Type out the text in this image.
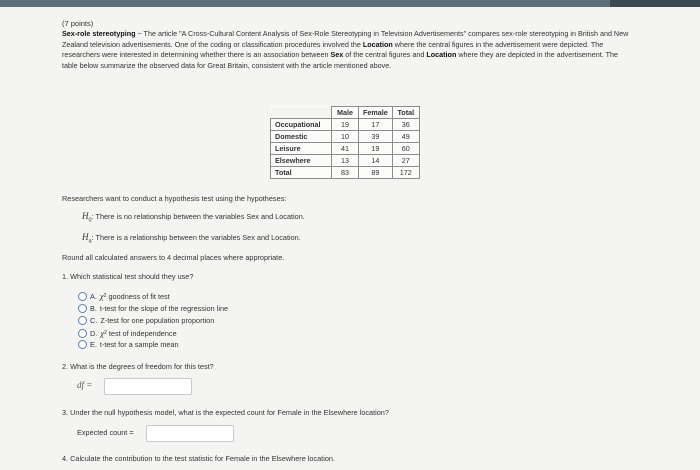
(7 points)
Sex-role stereotyping ~ The article "A Cross-Cultural Content Analysis of Sex-Role Stereotyping in Television Advertisements" compares sex-role stereotyping in British and New Zealand television advertisements. One of the coding or classification procedures involved the Location where the central figures in the advertisement were depicted. The researchers were interested in determining whether there is an association between Sex of the central figures and Location where they are depicted in the advertisement. The table below summarize the observed data for Great Britain, consistent with the article mentioned above.
	Male	Female	Total
Occupational	19	17	36
Domestic	10	39	49
Leisure	41	19	60
Elsewhere	13	14	27
Total	83	89	172
Researchers want to conduct a hypothesis test using the hypotheses:
$H_0$: There is no relationship between the variables Sex and Location.
$H_a$: There is a relationship between the variables Sex and Location.
Round all calculated answers to 4 decimal places where appropriate.
1. Which statistical test should they use?
A. χ 2 goodness of fit test
B. t-test for the slope of the regression line
C. Z-test for one population proportion
D. χ 2 test of independence
E. t-test for a sample mean
2. What is the degrees of freedom for this test?
df =
3. Under the null hypothesis model, what is the expected count for Female in the Elsewhere location?
Expected count =
4. Calculate the contribution to the test statistic for Female in the Elsewhere location.
